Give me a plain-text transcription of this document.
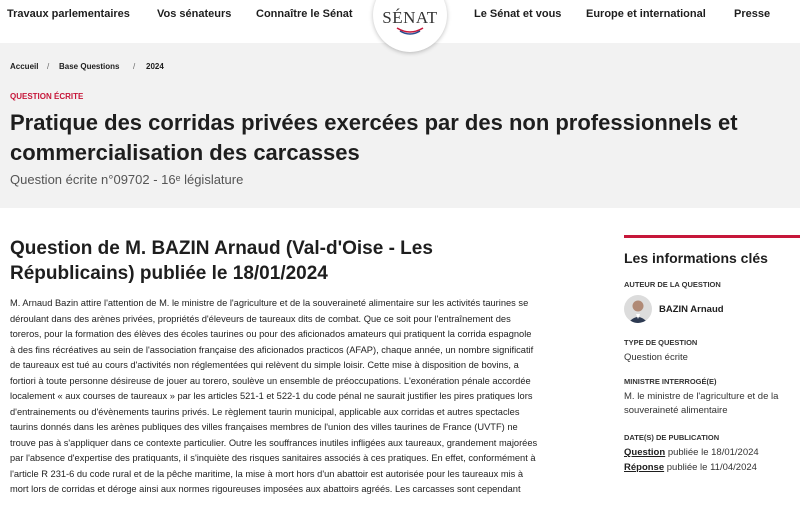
Travaux parlementaires Vos sénateurs Connaître le Sénat	Le Sénat et vous Europe et international	Presse
SÉNAT
Accueil / Base Questions / 2024
QUESTION ÉCRITE
Pratique des corridas privées exercées par des non professionnels et commercialisation des carcasses
Question écrite n°09702 - 16ᵉ législature
Question de M. BAZIN Arnaud (Val-d'Oise - Les Républicains) publiée le 18/01/2024

M. Arnaud Bazin attire l'attention de M. le ministre de l'agriculture et de la souveraineté alimentaire sur les activités taurines se déroulant dans des arènes privées, propriétés d'éleveurs de taureaux dits de combat. Que ce soit pour l'entraînement des toreros, pour la formation des élèves des écoles taurines ou pour des aficionados amateurs qui pratiquent la corrida espagnole à des fins récréatives au sein de l'association française des aficionados practicos (AFAP), chaque année, un nombre significatif de taureaux est tué au cours d'activités non réglementées qui relèvent du simple loisir. Cette mise à disposition de bovins, a fortiori à toute personne désireuse de jouer au torero, soulève un ensemble de préoccupations. L'exonération pénale accordée localement « aux courses de taureaux » par les articles 521-1 et 522-1 du code pénal ne saurait justifier les pires pratiques lors d'entrainements ou d'évènements taurins privés. Le règlement taurin municipal, applicable aux corridas et autres spectacles taurins donnés dans les arènes publiques des villes françaises membres de l'union des villes taurines de France (UVTF) ne trouve pas à s'appliquer dans ce contexte particulier. Outre les souffrances inutiles infligées aux taureaux, grandement majorées par l'absence d'expertise des pratiquants, il s'inquiète des risques sanitaires associés à ces pratiques. En effet, conformément à l'article R 231-6 du code rural et de la pêche maritime, la mise à mort hors d'un abattoir est autorisée pour les taureaux mis à mort lors de corridas et déroge ainsi aux normes rigoureuses imposées aux abattoirs agréés. Les carcasses sont cependant

Les informations clés
AUTEUR DE LA QUESTION
BAZIN Arnaud
TYPE DE QUESTION
Question écrite
MINISTRE INTERROGÉ(E)
M. le ministre de l'agriculture et de la souveraineté alimentaire
DATE(S) DE PUBLICATION
Question publiée le 18/01/2024
Réponse publiée le 11/04/2024
